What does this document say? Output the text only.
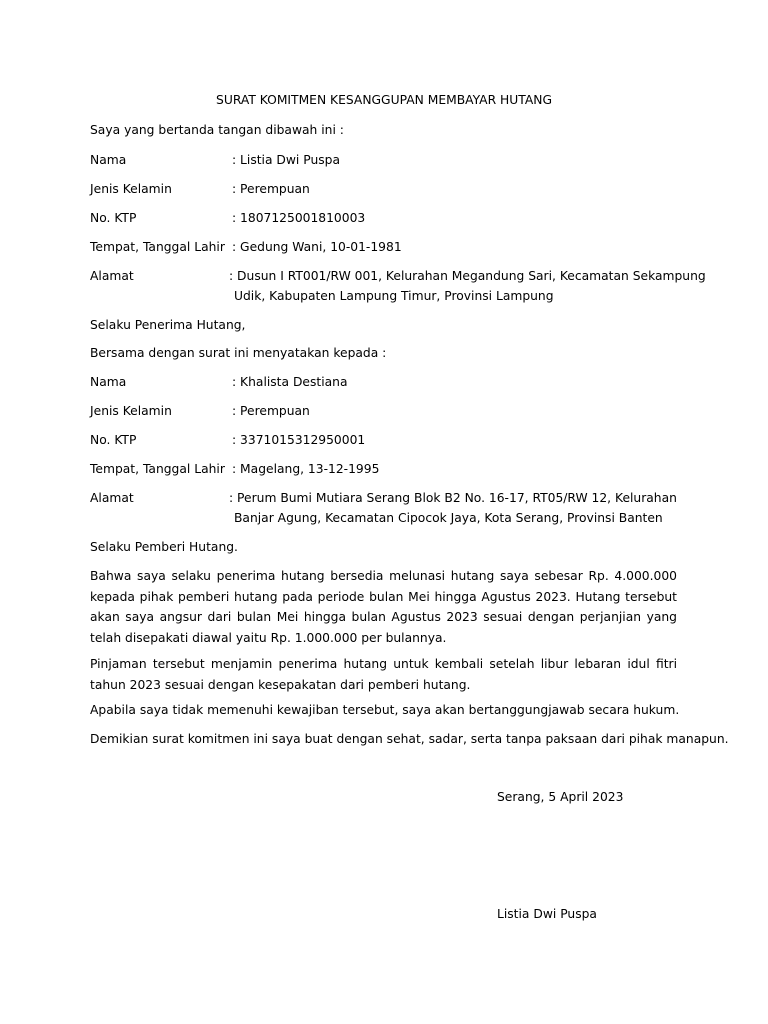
SURAT KOMITMEN KESANGGUPAN MEMBAYAR HUTANG
Saya yang bertanda tangan dibawah ini :
Nama	: Listi̇a Dwi Puspa
Jenis Kelamin	: Perempuan
No. KTP	: 1807125001810003
Tempat, Tanggal Lahir : Gedung Wani, 10-01-1981
Alamat	: Dusun I RT001/RW 001, Kelurahan Megandung Sari, Kecamatan Sekampung
Udik, Kabupaten Lampung Timur, Provinsi Lampung
Selaku Penerima Hutang,
Bersama dengan surat ini menyatakan kepada :
Nama	: Khalista Desti̇ana
Jenis Kelamin	: Perempuan
No. KTP	: 3371015312950001
Tempat, Tanggal Lahir : Magelang, 13-12-1995
Alamat	: Perum Bumi Muti̇ara Serang Blok B2 No. 16-17, RT05/RW 12, Kelurahan
Banjar Agung, Kecamatan Cipocok Jaya, Kota Serang, Provinsi Banten
Selaku Pemberi Hutang.
Bahwa saya selaku penerima hutang bersedia melunasi hutang saya sebesar Rp. 4.000.000 kepada pihak pemberi hutang pada periode bulan Mei hingga Agustus 2023. Hutang tersebut akan saya angsur dari bulan Mei hingga bulan Agustus 2023 sesuai dengan perjanjian yang telah disepakati̇ diawal yaitu Rp. 1.000.000 per bulannya.
Pinjaman tersebut menjamin penerima hutang untuk kembali setelah libur lebaran idul fitri tahun 2023 sesuai dengan kesepakatan dari pemberi hutang.
Apabila saya ti̇dak memenuhi kewajiban tersebut, saya akan bertanggungjawab secara hukum.
Demikian surat komitmen ini saya buat dengan sehat, sadar, serta tanpa paksaan dari pihak manapun.
Serang, 5 April 2023
Listi̇a Dwi Puspa
